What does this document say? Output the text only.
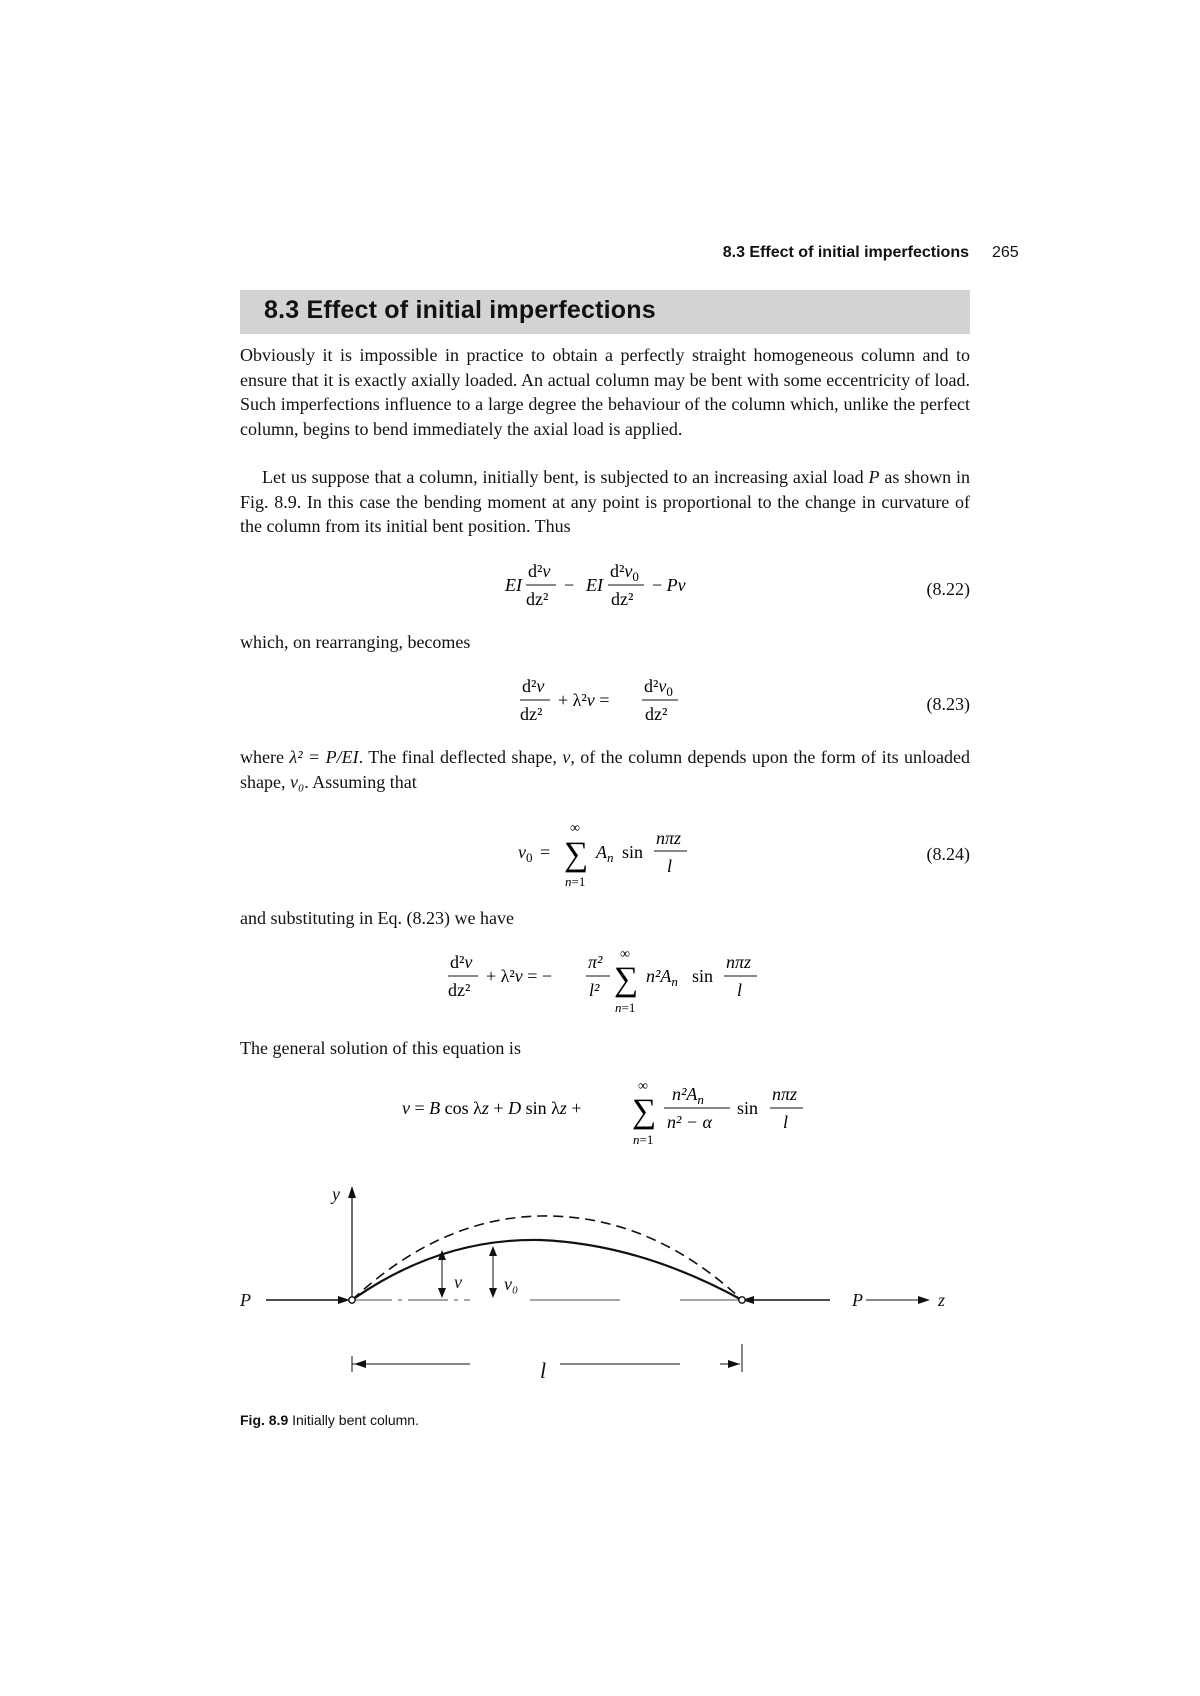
8.3 Effect of initial imperfections 265
8.3 Effect of initial imperfections

Obviously it is impossible in practice to obtain a perfectly straight homogeneous column and to ensure that it is exactly axially loaded. An actual column may be bent with some eccentricity of load. Such imperfections influence to a large degree the behaviour of the column which, unlike the perfect column, begins to bend immediately the axial load is applied.

Let us suppose that a column, initially bent, is subjected to an increasing axial load P as shown in Fig. 8.9. In this case the bending moment at any point is proportional to the change in curvature of the column from its initial bent position. Thus

EI
d²v
dz²
− EI
$d^2v_0$
dz²
− Pv	(8.22)

which, on rearranging, becomes

d²v
dz²
+ λ²v =
$d^2v_0$
dz²	(8.23)

where λ² = P/EI. The final deflected shape, v, of the column depends upon the form of its unloaded shape, v₀. Assuming that

$v_0$ =
∞
∑
n=1
$A_n$ sin
nπz
l
(8.24)

and substituting in Eq. (8.23) we have

d²v
dz²
+ λ²v = −
π²
l²
∞
∑
n=1
$n^2A_n$ sin
nπz
l

The general solution of this equation is

v = B cos λz + D sin λz +
∞
∑
n=1
$n^2A_n$
n² − α
sin
nπz
l
y
z
P	P
v v₀
l
Fig. 8.9 Initially bent column.
